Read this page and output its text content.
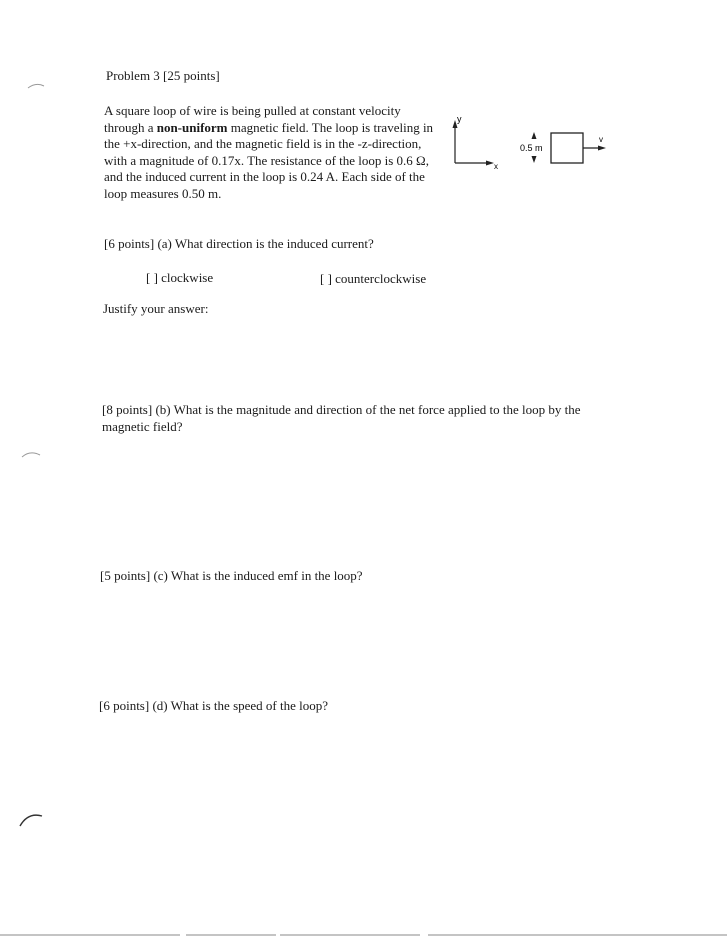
Problem 3 [25 points]

A square loop of wire is being pulled at constant velocity through a non-uniform magnetic field. The loop is traveling in the +x-direction, and the magnetic field is in the -z-direction, with a magnitude of 0.17x. The resistance of the loop is 0.6 Ω, and the induced current in the loop is 0.24 A. Each side of the loop measures 0.50 m.

y
x
0.5 m
v
[6 points] (a) What direction is the induced current?
[ ] clockwise	[ ] counterclockwise
Justify your answer:
[8 points] (b) What is the magnitude and direction of the net force applied to the loop by the magnetic field?
[5 points] (c) What is the induced emf in the loop?
[6 points] (d) What is the speed of the loop?
